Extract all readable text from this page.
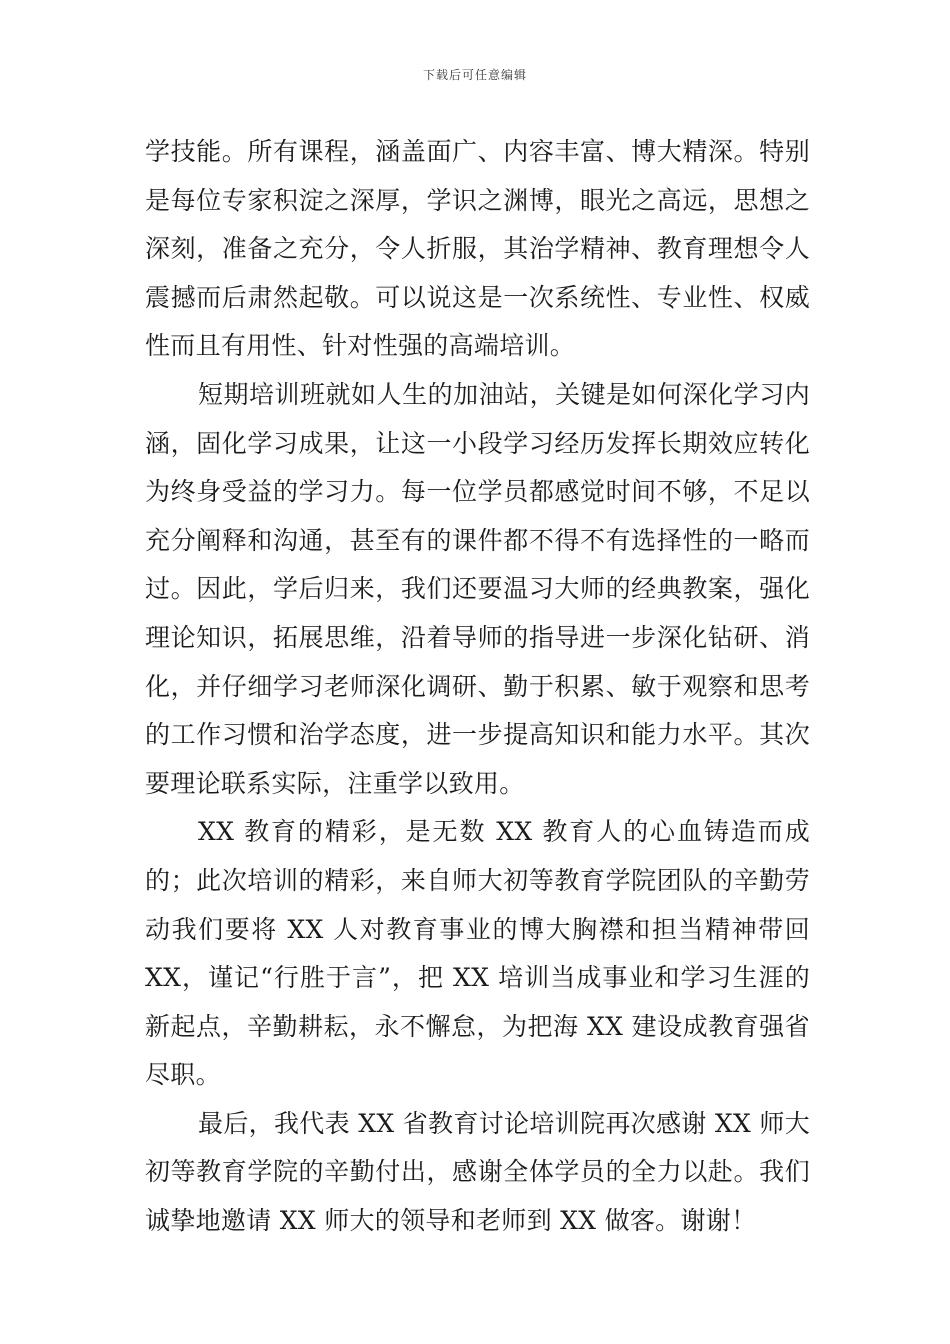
下载后可任意编辑

学技能。所有课程，涵盖面广、内容丰富、博大精深。特别是每位专家积淀之深厚，学识之渊博，眼光之高远，思想之深刻，准备之充分，令人折服，其治学精神、教育理想令人震撼而后肃然起敬。可以说这是一次系统性、专业性、权威性而且有用性、针对性强的高端培训。

短期培训班就如人生的加油站，关键是如何深化学习内涵，固化学习成果，让这一小段学习经历发挥长期效应转化为终身受益的学习力。每一位学员都感觉时间不够，不足以充分阐释和沟通，甚至有的课件都不得不有选择性的一略而过。因此，学后归来，我们还要温习大师的经典教案，强化理论知识，拓展思维，沿着导师的指导进一步深化钻研、消化，并仔细学习老师深化调研、勤于积累、敏于观察和思考的工作习惯和治学态度，进一步提高知识和能力水平。其次要理论联系实际，注重学以致用。

XX 教育的精彩，是无数 XX 教育人的心血铸造而成的；此次培训的精彩，来自师大初等教育学院团队的辛勤劳动我们要将 XX 人对教育事业的博大胸襟和担当精神带回 XX，谨记“行胜于言”，把 XX 培训当成事业和学习生涯的新起点，辛勤耕耘，永不懈怠，为把海 XX 建设成教育强省尽职。

最后，我代表 XX 省教育讨论培训院再次感谢 XX 师大初等教育学院的辛勤付出，感谢全体学员的全力以赴。我们诚挚地邀请 XX 师大的领导和老师到 XX 做客。谢谢！
